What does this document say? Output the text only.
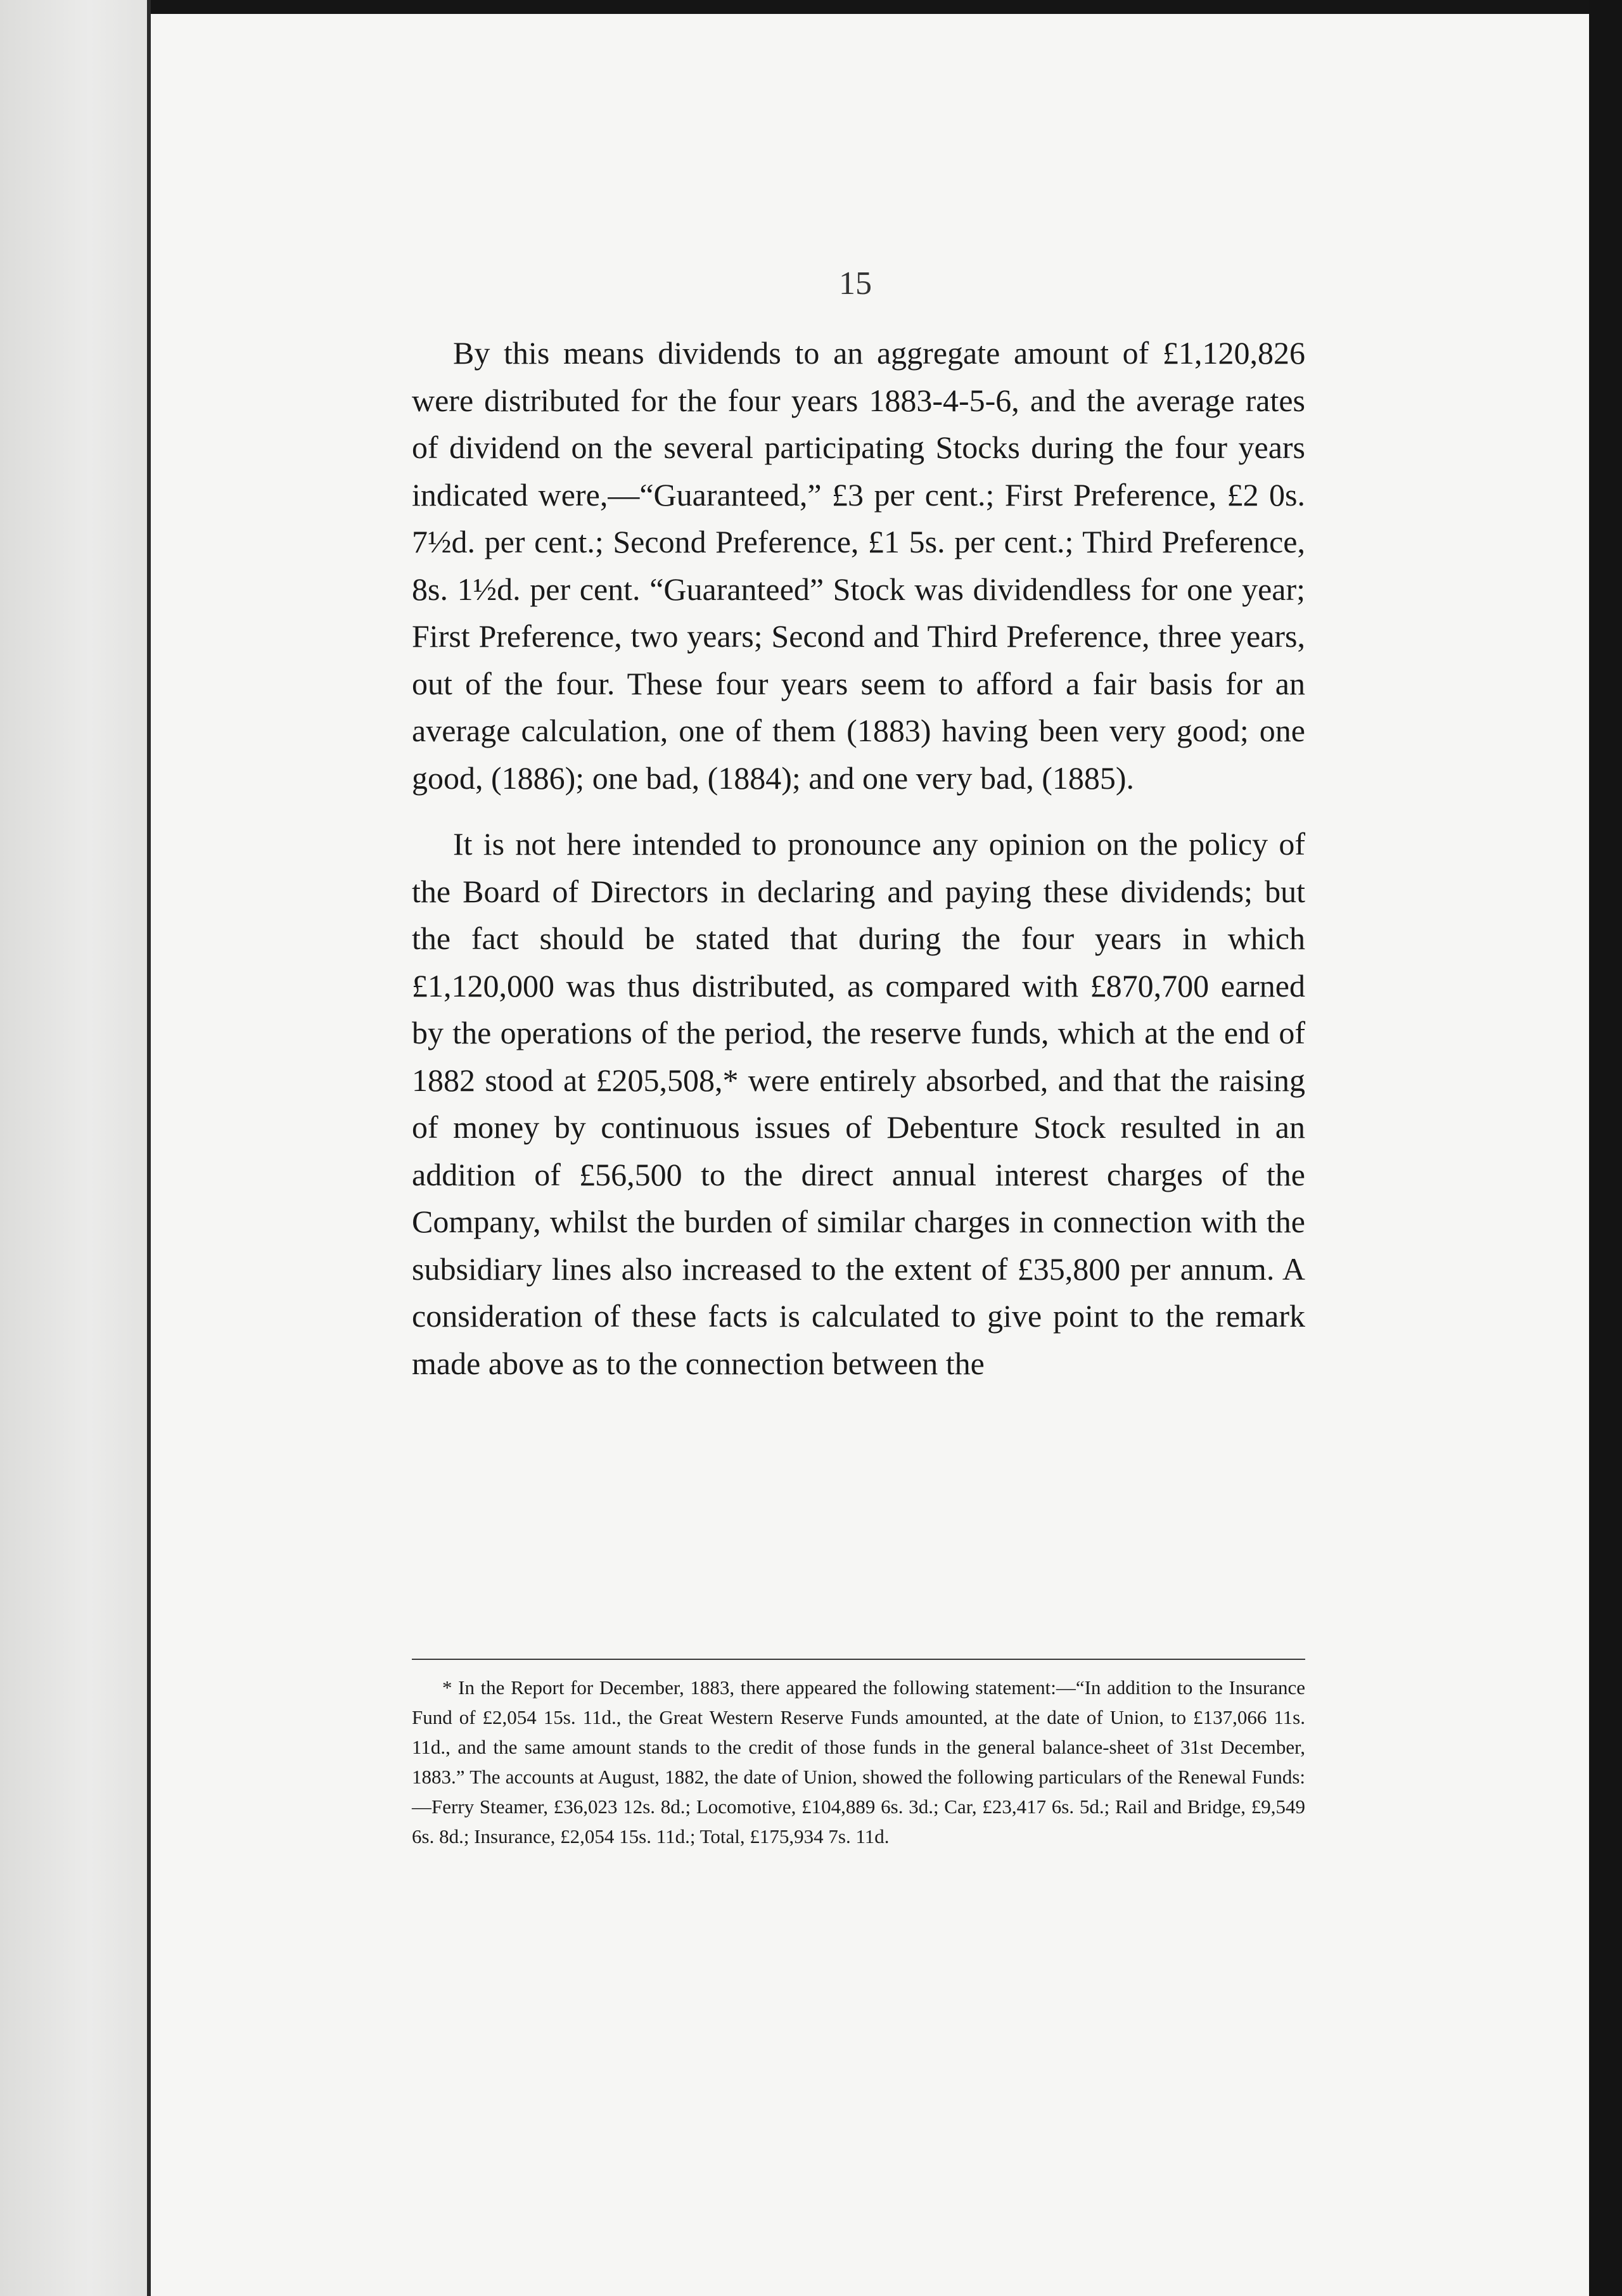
15

By this means dividends to an aggregate amount of £1,120,826 were distributed for the four years 1883-4-5-6, and the average rates of dividend on the several participating Stocks during the four years indicated were,—“Guaranteed,” £3 per cent.; First Preference, £2 0s. 7½d. per cent.; Second Preference, £1 5s. per cent.; Third Preference, 8s. 1½d. per cent. “Guaranteed” Stock was dividendless for one year; First Preference, two years; Second and Third Preference, three years, out of the four. These four years seem to afford a fair basis for an average calculation, one of them (1883) having been very good; one good, (1886); one bad, (1884); and one very bad, (1885).

It is not here intended to pronounce any opinion on the policy of the Board of Directors in declaring and paying these dividends; but the fact should be stated that during the four years in which £1,120,000 was thus distributed, as compared with £870,700 earned by the operations of the period, the reserve funds, which at the end of 1882 stood at £205,508,* were entirely absorbed, and that the raising of money by continuous issues of Debenture Stock resulted in an addition of £56,500 to the direct annual interest charges of the Company, whilst the burden of similar charges in connection with the subsidiary lines also increased to the extent of £35,800 per annum. A consideration of these facts is calculated to give point to the remark made above as to the connection between the

* In the Report for December, 1883, there appeared the following statement:—“In addition to the Insurance Fund of £2,054 15s. 11d., the Great Western Reserve Funds amounted, at the date of Union, to £137,066 11s. 11d., and the same amount stands to the credit of those funds in the general balance-sheet of 31st December, 1883.” The accounts at August, 1882, the date of Union, showed the following particulars of the Renewal Funds:—Ferry Steamer, £36,023 12s. 8d.; Locomotive, £104,889 6s. 3d.; Car, £23,417 6s. 5d.; Rail and Bridge, £9,549 6s. 8d.; Insurance, £2,054 15s. 11d.; Total, £175,934 7s. 11d.
